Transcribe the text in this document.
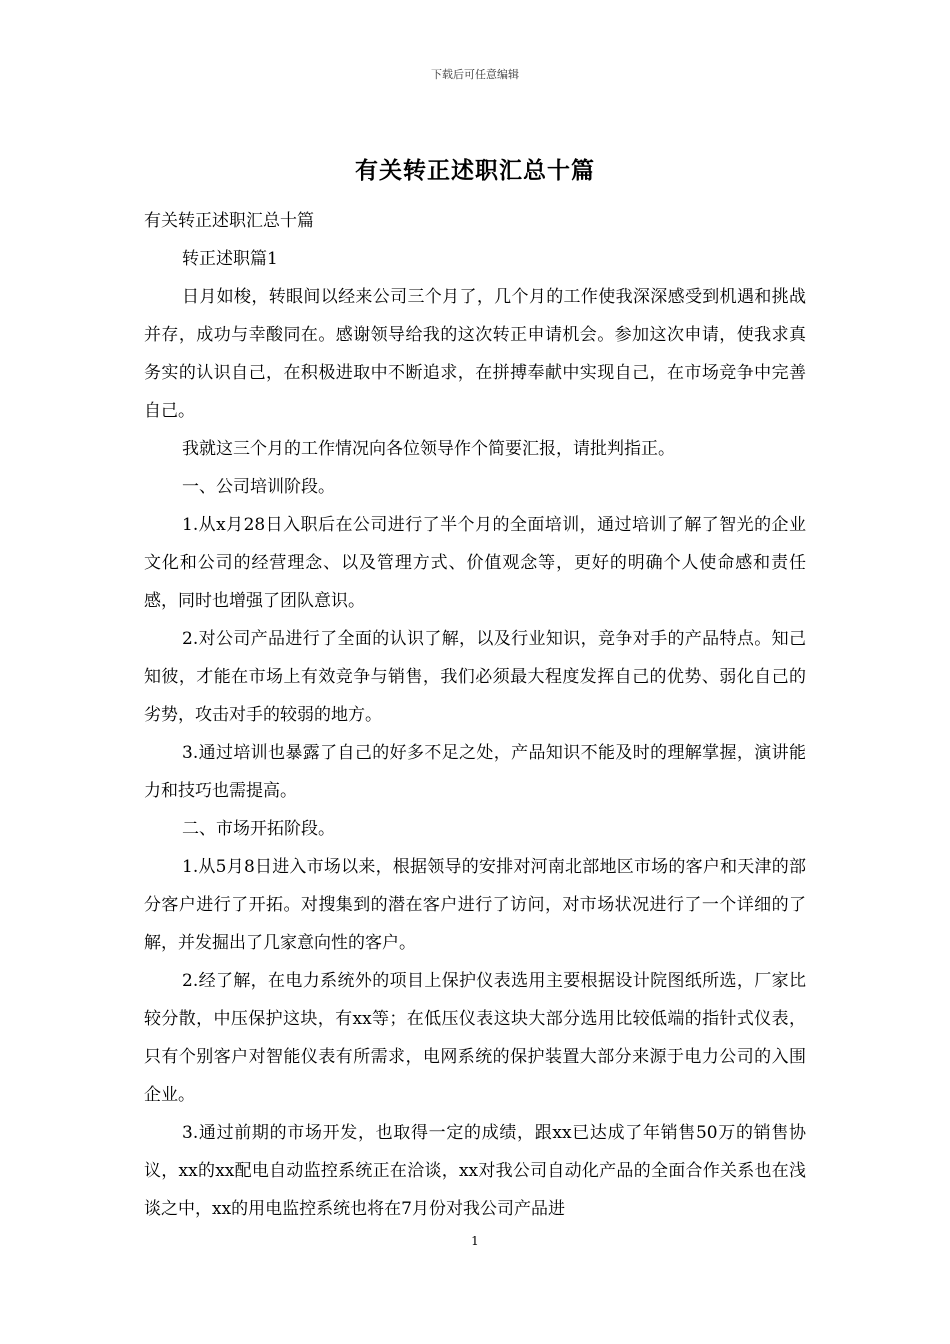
下载后可任意编辑
有关转正述职汇总十篇

有关转正述职汇总十篇

转正述职篇1

日月如梭，转眼间以经来公司三个月了，几个月的工作使我深深感受到机遇和挑战并存，成功与幸酸同在。感谢领导给我的这次转正申请机会。参加这次申请，使我求真务实的认识自己，在积极进取中不断追求，在拼搏奉献中实现自己，在市场竞争中完善自己。

我就这三个月的工作情况向各位领导作个简要汇报，请批判指正。

一、公司培训阶段。

1.从x月28日入职后在公司进行了半个月的全面培训，通过培训了解了智光的企业文化和公司的经营理念、以及管理方式、价值观念等，更好的明确个人使命感和责任感，同时也增强了团队意识。

2.对公司产品进行了全面的认识了解，以及行业知识，竞争对手的产品特点。知己知彼，才能在市场上有效竞争与销售，我们必须最大程度发挥自己的优势、弱化自己的劣势，攻击对手的较弱的地方。

3.通过培训也暴露了自己的好多不足之处，产品知识不能及时的理解掌握，演讲能力和技巧也需提高。

二、市场开拓阶段。

1.从5月8日进入市场以来，根据领导的安排对河南北部地区市场的客户和天津的部分客户进行了开拓。对搜集到的潜在客户进行了访问，对市场状况进行了一个详细的了解，并发掘出了几家意向性的客户。

2.经了解，在电力系统外的项目上保护仪表选用主要根据设计院图纸所选，厂家比较分散，中压保护这块，有xx等；在低压仪表这块大部分选用比较低端的指针式仪表，只有个别客户对智能仪表有所需求，电网系统的保护装置大部分来源于电力公司的入围企业。

3.通过前期的市场开发，也取得一定的成绩，跟xx已达成了年销售50万的销售协议，xx的xx配电自动监控系统正在洽谈，xx对我公司自动化产品的全面合作关系也在浅谈之中，xx的用电监控系统也将在7月份对我公司产品进

1
